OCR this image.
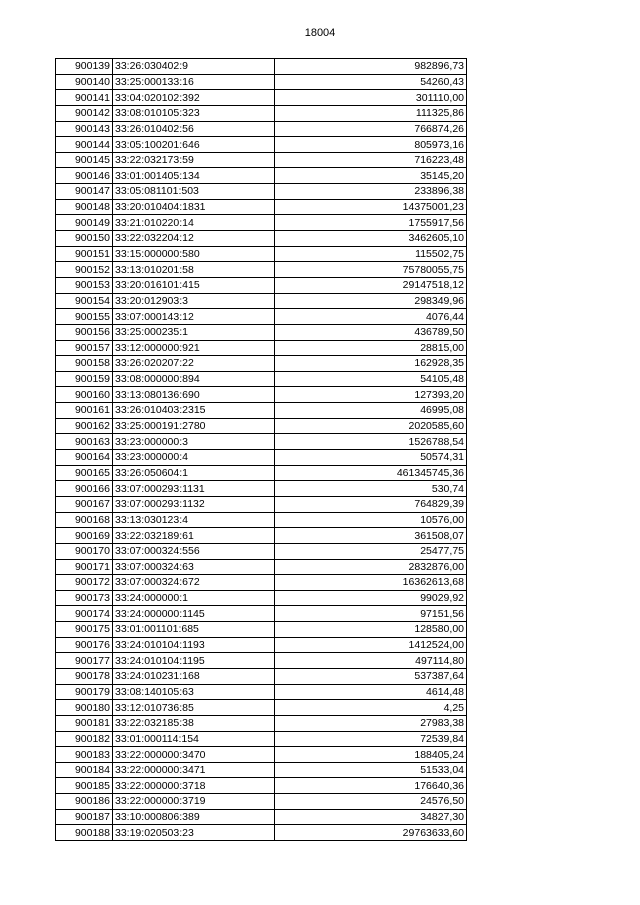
18004
900139	33:26:030402:9	982896,73
900140	33:25:000133:16	54260,43
900141	33:04:020102:392	301110,00
900142	33:08:010105:323	111325,86
900143	33:26:010402:56	766874,26
900144	33:05:100201:646	805973,16
900145	33:22:032173:59	716223,48
900146	33:01:001405:134	35145,20
900147	33:05:081101:503	233896,38
900148	33:20:010404:1831	14375001,23
900149	33:21:010220:14	1755917,56
900150	33:22:032204:12	3462605,10
900151	33:15:000000:580	115502,75
900152	33:13:010201:58	75780055,75
900153	33:20:016101:415	29147518,12
900154	33:20:012903:3	298349,96
900155	33:07:000143:12	4076,44
900156	33:25:000235:1	436789,50
900157	33:12:000000:921	28815,00
900158	33:26:020207:22	162928,35
900159	33:08:000000:894	54105,48
900160	33:13:080136:690	127393,20
900161	33:26:010403:2315	46995,08
900162	33:25:000191:2780	2020585,60
900163	33:23:000000:3	1526788,54
900164	33:23:000000:4	50574,31
900165	33:26:050604:1	461345745,36
900166	33:07:000293:1131	530,74
900167	33:07:000293:1132	764829,39
900168	33:13:030123:4	10576,00
900169	33:22:032189:61	361508,07
900170	33:07:000324:556	25477,75
900171	33:07:000324:63	2832876,00
900172	33:07:000324:672	16362613,68
900173	33:24:000000:1	99029,92
900174	33:24:000000:1145	97151,56
900175	33:01:001101:685	128580,00
900176	33:24:010104:1193	1412524,00
900177	33:24:010104:1195	497114,80
900178	33:24:010231:168	537387,64
900179	33:08:140105:63	4614,48
900180	33:12:010736:85	4,25
900181	33:22:032185:38	27983,38
900182	33:01:000114:154	72539,84
900183	33:22:000000:3470	188405,24
900184	33:22:000000:3471	51533,04
900185	33:22:000000:3718	176640,36
900186	33:22:000000:3719	24576,50
900187	33:10:000806:389	34827,30
900188	33:19:020503:23	29763633,60
